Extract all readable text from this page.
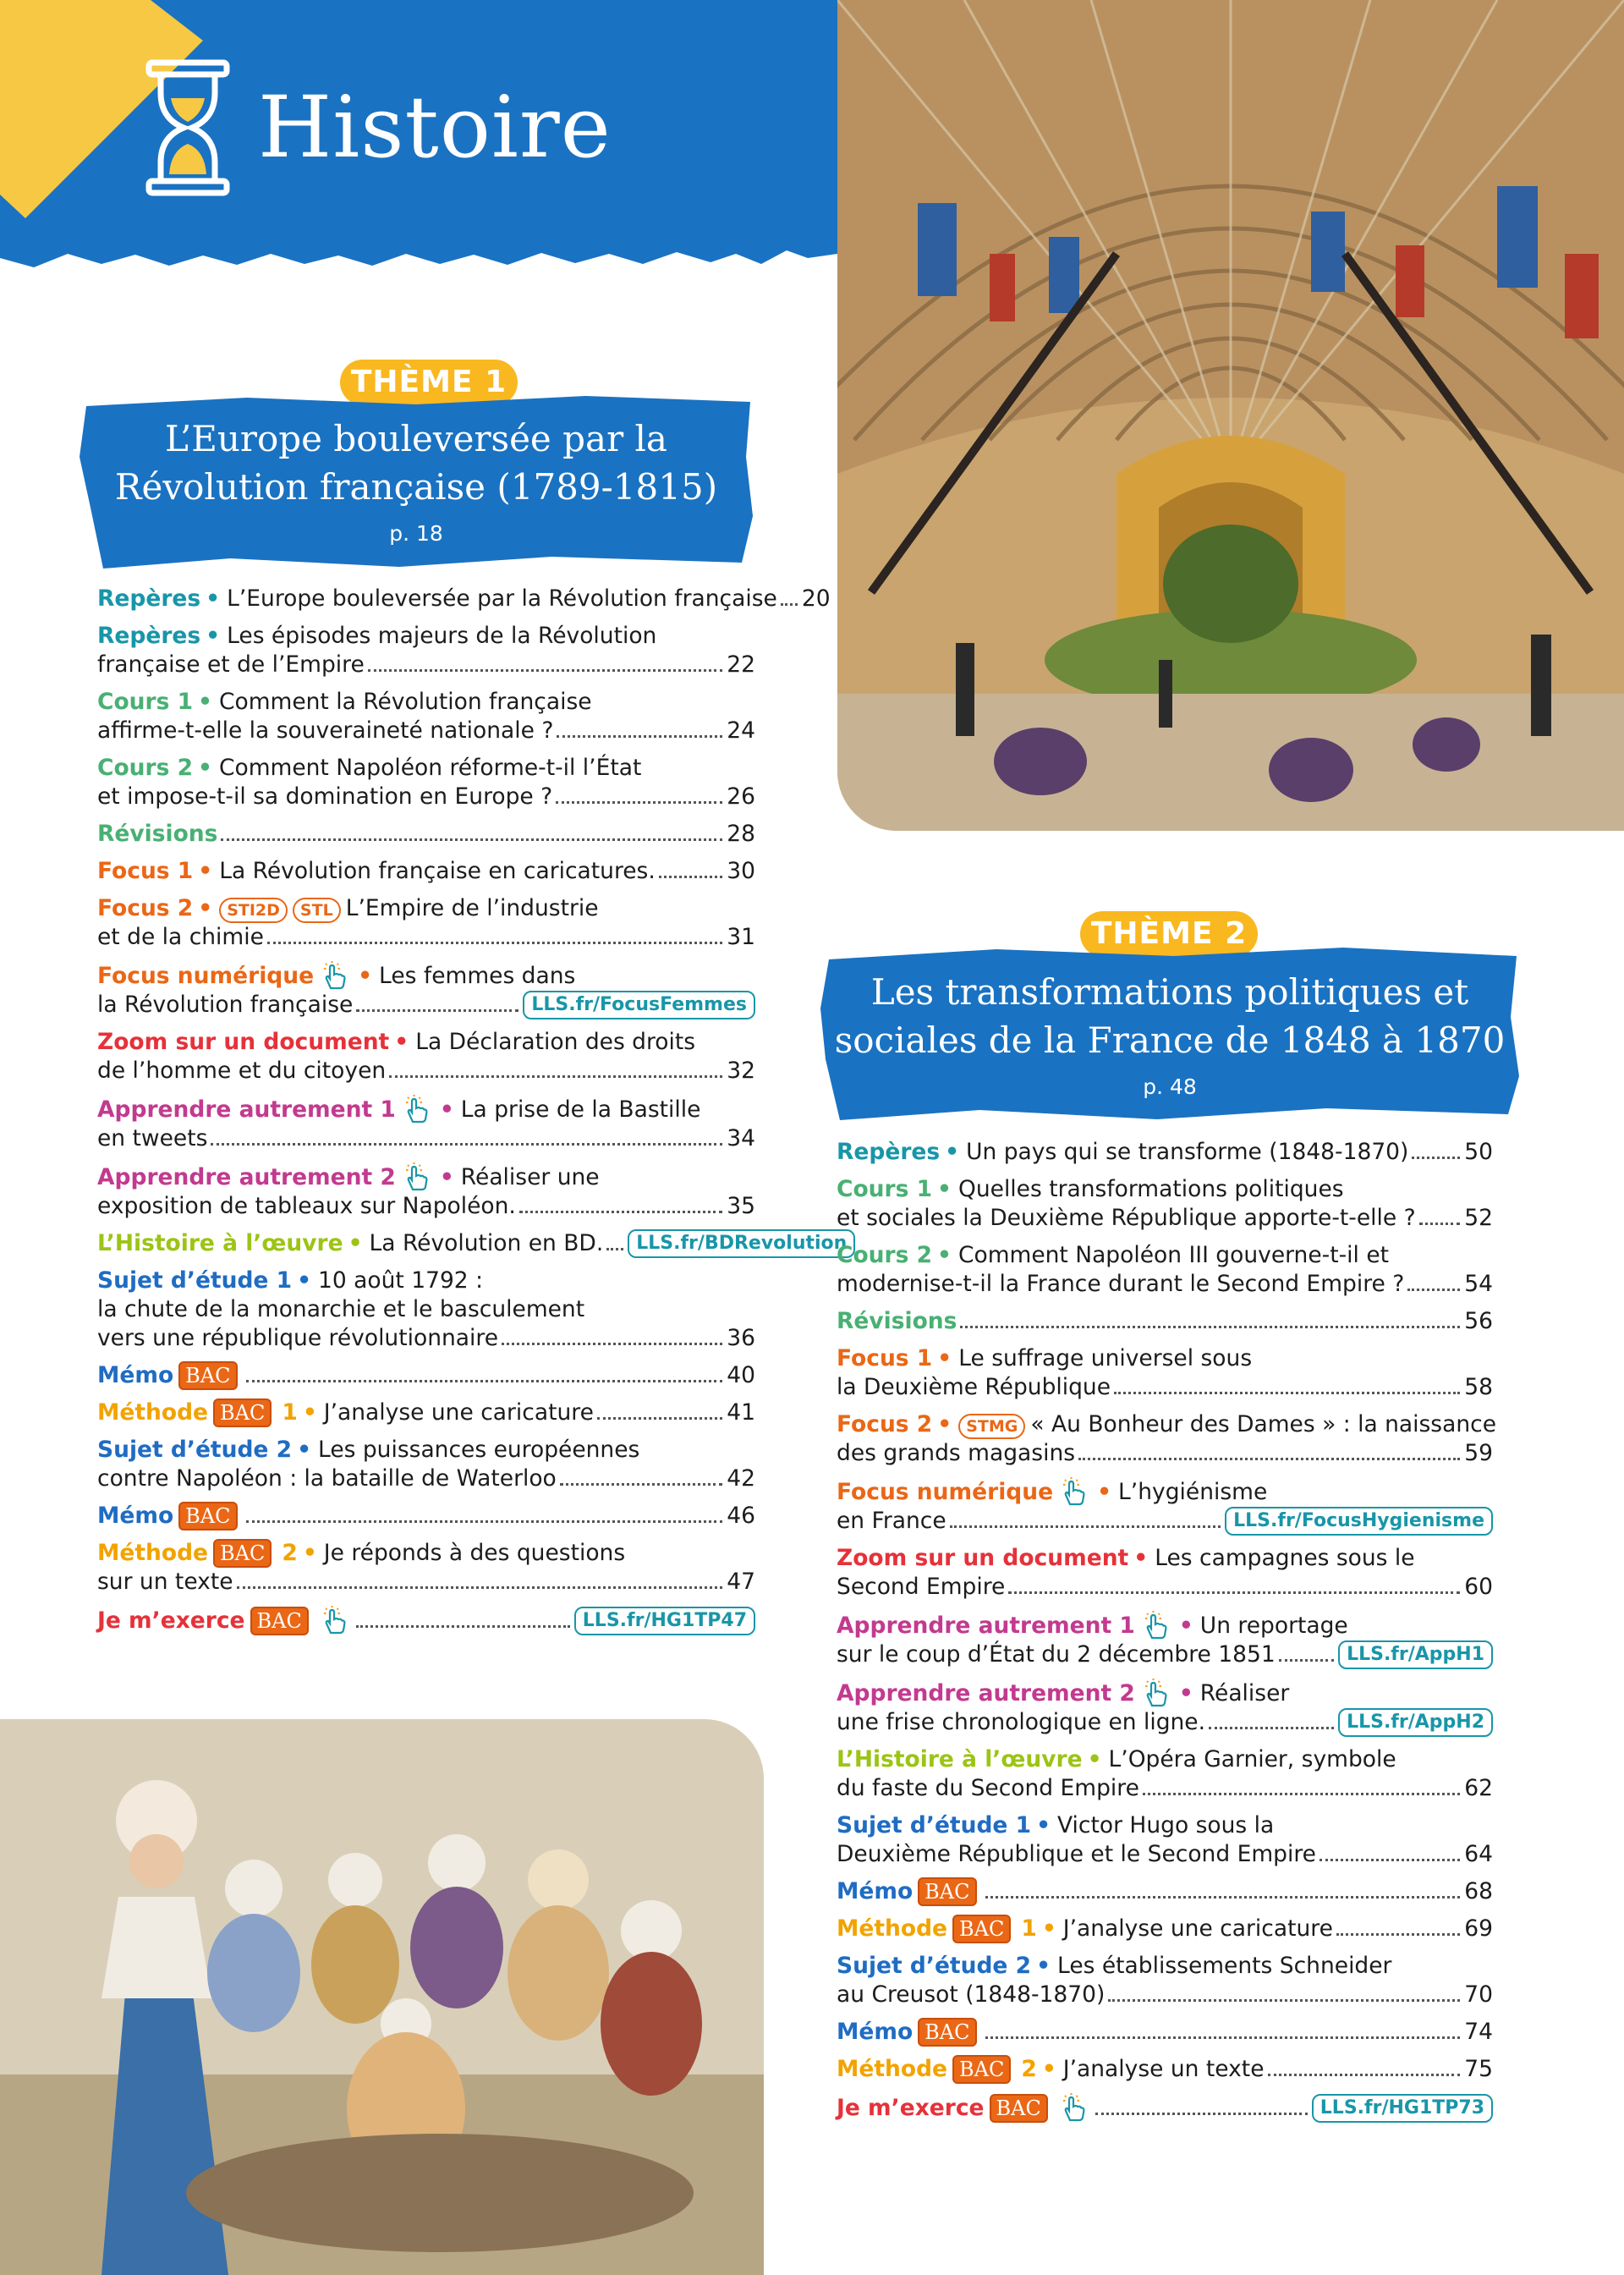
Histoire
THÈME 1
L’Europe bouleversée par la
Révolution française (1789-1815)
p. 18
Repères • L’Europe bouleversée par la Révolution française 20
Repères • Les épisodes majeurs de la Révolution
française et de l’Empire	22
Cours 1 • Comment la Révolution française
affirme-t-elle la souveraineté nationale ?	24
Cours 2 • Comment Napoléon réforme-t-il l’État
et impose-t-il sa domination en Europe ?	26
Révisions	28
Focus 1 • La Révolution française en caricatures.	30
Focus 2 • STI2D	STL L’Empire de l’industrie
et de la chimie	31
Focus numérique • Les femmes dans
la Révolution française	LLS.fr/FocusFemmes
Zoom sur un document • La Déclaration des droits
de l’homme et du citoyen	32
Apprendre autrement 1 • La prise de la Bastille
en tweets	34
Apprendre autrement 2 • Réaliser une
exposition de tableaux sur Napoléon.	35
L’Histoire à l’œuvre • La Révolution en BD.	LLS.fr/BDRevolution
Sujet d’étude 1 • 10 août 1792 :
la chute de la monarchie et le basculement
vers une république révolutionnaire	36
Mémo BAC	40
Méthode BAC 1 • J’analyse une caricature	41
Sujet d’étude 2 • Les puissances européennes
contre Napoléon : la bataille de Waterloo	42
Mémo BAC	46
Méthode BAC 2 • Je réponds à des questions
sur un texte	47
Je m’exerce BAC	LLS.fr/HG1TP47
THÈME 2
Les transformations politiques et
sociales de la France de 1848 à 1870
p. 48
Repères • Un pays qui se transforme (1848-1870) 50
Cours 1 • Quelles transformations politiques
et sociales la Deuxième République apporte-t-elle ? 52
Cours 2 • Comment Napoléon III gouverne-t-il et
modernise-t-il la France durant le Second Empire ?	54
Révisions	56
Focus 1 • Le suffrage universel sous
la Deuxième République	58
Focus 2 • STMG « Au Bonheur des Dames » : la naissance
des grands magasins	59
Focus numérique • L’hygiénisme
en France	LLS.fr/FocusHygienisme
Zoom sur un document • Les campagnes sous le
Second Empire	60
Apprendre autrement 1 • Un reportage
sur le coup d’État du 2 décembre 1851	LLS.fr/AppH1
Apprendre autrement 2 • Réaliser
une frise chronologique en ligne.	LLS.fr/AppH2
L’Histoire à l’œuvre • L’Opéra Garnier, symbole
du faste du Second Empire	62
Sujet d’étude 1 • Victor Hugo sous la
Deuxième République et le Second Empire	64
Mémo BAC	68
Méthode BAC 1 • J’analyse une caricature	69
Sujet d’étude 2 • Les établissements Schneider
au Creusot (1848-1870)	70
Mémo BAC	74
Méthode BAC 2 • J’analyse un texte	75
Je m’exerce BAC	LLS.fr/HG1TP73
